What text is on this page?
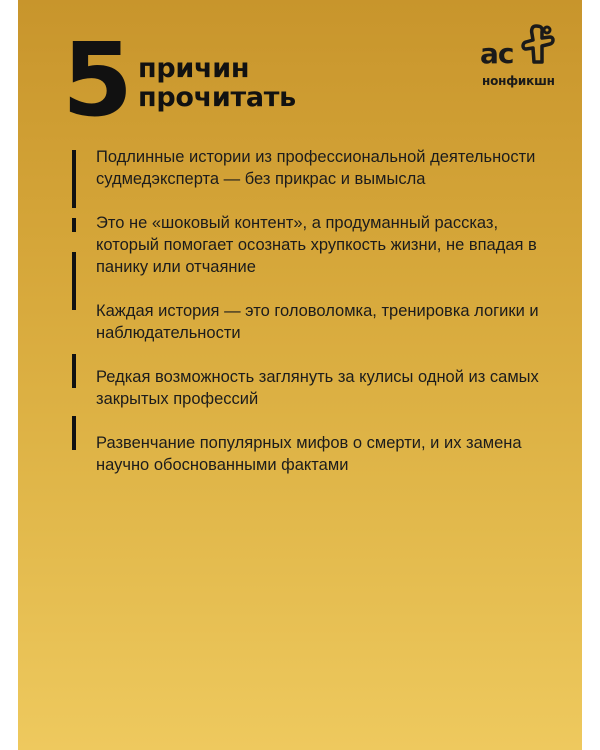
5 причин
прочитать
ac
нонфикшн
Подлинные истории из профессиональной деятельности судмедэксперта — без прикрас и вымысла
Это не «шоковый контент», а продуманный рассказ, который помогает осознать хрупкость жизни, не впадая в панику или отчаяние
Каждая история — это головоломка, тренировка логики и наблюдательности
Редкая возможность заглянуть за кулисы одной из самых закрытых профессий
Развенчание популярных мифов о смерти, и их замена научно обоснованными фактами
